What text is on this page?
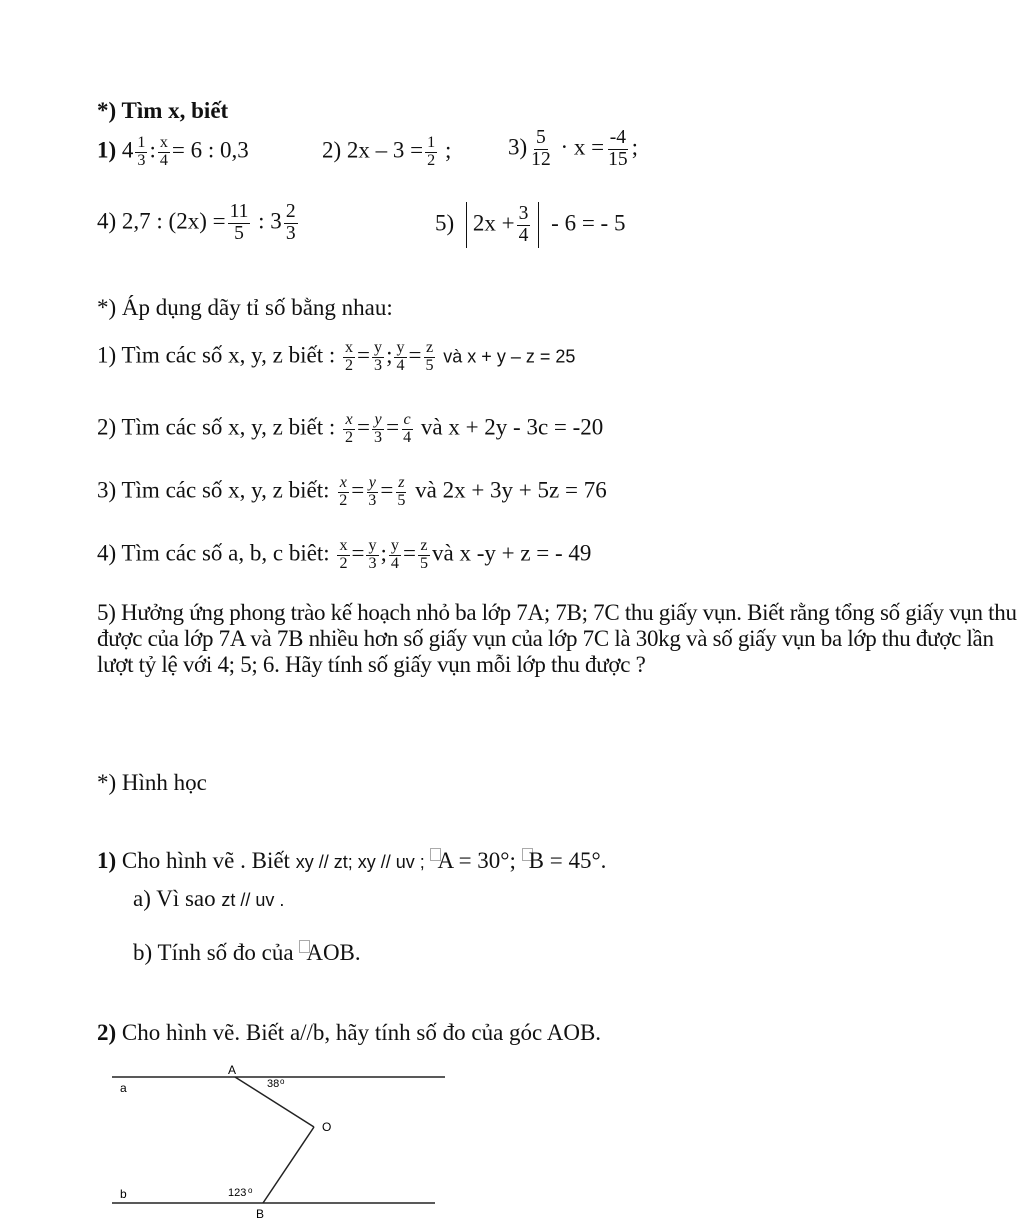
*) Tìm x, biết
1) $4 \frac{1}{3}$ : $\frac{x}{4} = 6$ : 0,3	2) $2x - 3 = \frac{1}{2}$ ; $3) \frac{5}{12} \cdot x = \frac{-4}{15}$ ;
4) 2,7 : $(2x) = \frac{11}{5}$ : $3 \frac{2}{3}$	5) $2x + \frac{3}{4} - 6$ = - 5
*) Áp dụng dãy tỉ số bằng nhau:
1) Tìm các số x, y, z biết : $\frac{x}{2} = \frac{y}{3}$ ; $\frac{y}{4} = \frac{z}{5}$ và x + y – z = 25
2) Tìm các số x, y, z biết : $\frac{x}{2} = \frac{y}{3} = \frac{c}{4}$ và x + 2y - 3c = -20
3) Tìm các số x, y, z biết: $\frac{x}{2} = \frac{y}{3} = \frac{z}{5}$ và 2x + 3y + 5z = 76
4) Tìm các số a, b, c biêt: $\frac{x}{2} = \frac{y}{3}$ ; $\frac{y}{4} = \frac{z}{5}$ và x -y + z = - 49
5) Hưởng ứng phong trào kế hoạch nhỏ ba lớp 7A; 7B; 7C thu giấy vụn. Biết rằng tổng số giấy vụn thu được của lớp 7A và 7B nhiều hơn số giấy vụn của lớp 7C là 30kg và số giấy vụn ba lớp thu được lần lượt tỷ lệ với 4; 5; 6. Hãy tính số giấy vụn mỗi lớp thu được ?
*) Hình học
1) Cho hình vẽ . Biết xy // zt; xy // uv ; A = 30°; B = 45°.
a) Vì sao zt // uv .
b) Tính số đo của AOB.
2) Cho hình vẽ. Biết a//b, hãy tính số đo của góc AOB.
a
b
A
O
B
38 o
123 o
